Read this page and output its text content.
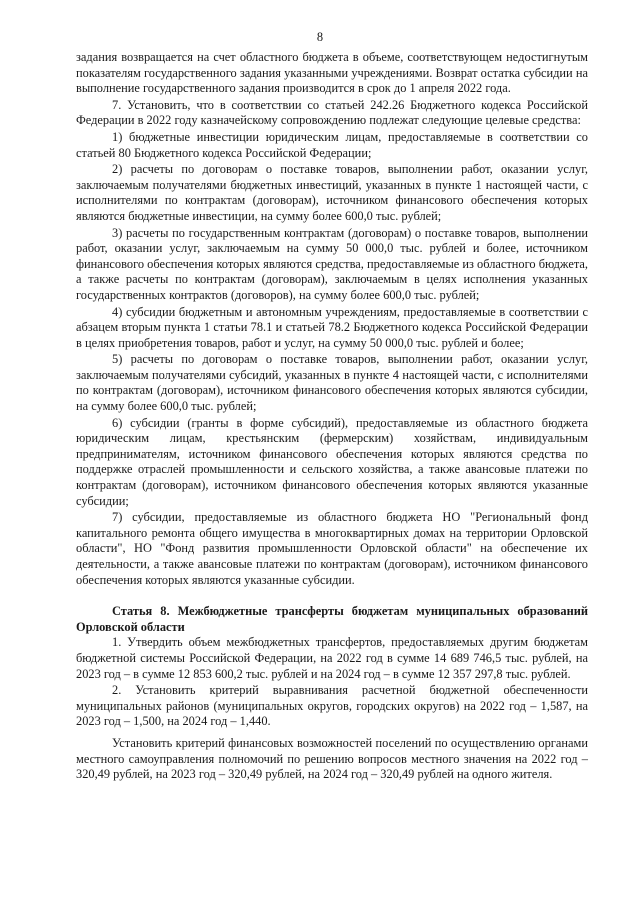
8

задания возвращается на счет областного бюджета в объеме, соответствующем недостигнутым показателям государственного задания указанными учреждениями. Возврат остатка субсидии на выполнение государственного задания производится в срок до 1 апреля 2022 года.

7. Установить, что в соответствии со статьей 242.26 Бюджетного кодекса Российской Федерации в 2022 году казначейскому сопровождению подлежат следующие целевые средства:

1) бюджетные инвестиции юридическим лицам, предоставляемые в соответствии со статьей 80 Бюджетного кодекса Российской Федерации;

2) расчеты по договорам о поставке товаров, выполнении работ, оказании услуг, заключаемым получателями бюджетных инвестиций, указанных в пункте 1 настоящей части, с исполнителями по контрактам (договорам), источником финансового обеспечения которых являются бюджетные инвестиции, на сумму более 600,0 тыс. рублей;

3) расчеты по государственным контрактам (договорам) о поставке товаров, выполнении работ, оказании услуг, заключаемым на сумму 50 000,0 тыс. рублей и более, источником финансового обеспечения которых являются средства, предоставляемые из областного бюджета, а также расчеты по контрактам (договорам), заключаемым в целях исполнения указанных государственных контрактов (договоров), на сумму более 600,0 тыс. рублей;

4) субсидии бюджетным и автономным учреждениям, предоставляемые в соответствии с абзацем вторым пункта 1 статьи 78.1 и статьей 78.2 Бюджетного кодекса Российской Федерации в целях приобретения товаров, работ и услуг, на сумму 50 000,0 тыс. рублей и более;

5) расчеты по договорам о поставке товаров, выполнении работ, оказании услуг, заключаемым получателями субсидий, указанных в пункте 4 настоящей части, с исполнителями по контрактам (договорам), источником финансового обеспечения которых являются субсидии, на сумму более 600,0 тыс. рублей;

6) субсидии (гранты в форме субсидий), предоставляемые из областного бюджета юридическим лицам, крестьянским (фермерским) хозяйствам, индивидуальным предпринимателям, источником финансового обеспечения которых являются средства по поддержке отраслей промышленности и сельского хозяйства, а также авансовые платежи по контрактам (договорам), источником финансового обеспечения которых являются указанные субсидии;

7) субсидии, предоставляемые из областного бюджета НО "Региональный фонд капитального ремонта общего имущества в многоквартирных домах на территории Орловской области", НО "Фонд развития промышленности Орловской области" на обеспечение их деятельности, а также авансовые платежи по контрактам (договорам), источником финансового обеспечения которых являются указанные субсидии.

Статья 8. Межбюджетные трансферты бюджетам муниципальных образований Орловской области

1. Утвердить объем межбюджетных трансфертов, предоставляемых другим бюджетам бюджетной системы Российской Федерации, на 2022 год в сумме 14 689 746,5 тыс. рублей, на 2023 год – в сумме 12 853 600,2 тыс. рублей и на 2024 год – в сумме 12 357 297,8 тыс. рублей.

2. Установить критерий выравнивания расчетной бюджетной обеспеченности муниципальных районов (муниципальных округов, городских округов) на 2022 год – 1,587, на 2023 год – 1,500, на 2024 год – 1,440.

Установить критерий финансовых возможностей поселений по осуществлению органами местного самоуправления полномочий по решению вопросов местного значения на 2022 год – 320,49 рублей, на 2023 год – 320,49 рублей, на 2024 год – 320,49 рублей на одного жителя.
